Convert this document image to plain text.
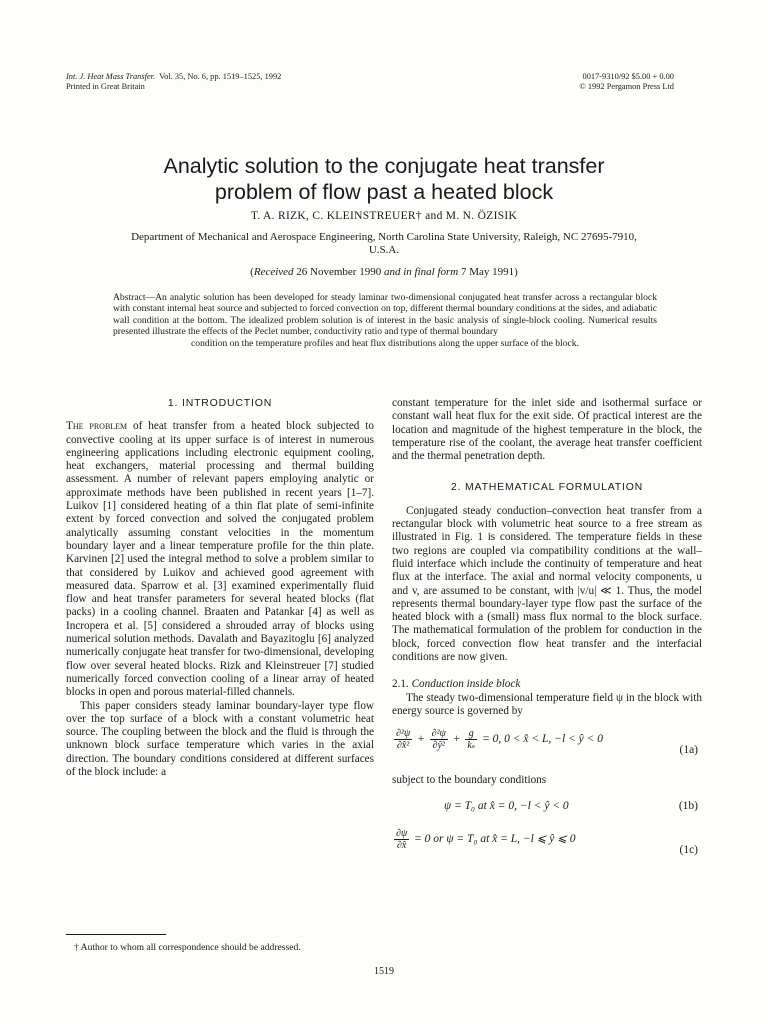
Int. J. Heat Mass Transfer. Vol. 35, No. 6, pp. 1519–1525, 1992
Printed in Great Britain
0017-9310/92 $5.00 + 0.00
© 1992 Pergamon Press Ltd
Analytic solution to the conjugate heat transfer
problem of flow past a heated block
T. A. RIZK, C. KLEINSTREUER† and M. N. ÖZISIK
Department of Mechanical and Aerospace Engineering, North Carolina State University, Raleigh, NC 27695-7910, U.S.A.
(Received 26 November 1990 and in final form 7 May 1991)
Abstract—An analytic solution has been developed for steady laminar two-dimensional conjugated heat transfer across a rectangular block with constant internal heat source and subjected to forced convection on top, different thermal boundary conditions at the sides, and adiabatic wall condition at the bottom. The idealized problem solution is of interest in the basic analysis of single-block cooling. Numerical results presented illustrate the effects of the Peclet number, conductivity ratio and type of thermal boundary
condition on the temperature profiles and heat flux distributions along the upper surface of the block.
1. INTRODUCTION

The problem of heat transfer from a heated block subjected to convective cooling at its upper surface is of interest in numerous engineering applications including electronic equipment cooling, heat exchangers, material processing and thermal building assessment. A number of relevant papers employing analytic or approximate methods have been published in recent years [1–7]. Luikov [1] considered heating of a thin flat plate of semi-infinite extent by forced convection and solved the conjugated problem analytically assuming constant velocities in the momentum boundary layer and a linear temperature profile for the thin plate. Karvinen [2] used the integral method to solve a problem similar to that considered by Luikov and achieved good agreement with measured data. Sparrow et al. [3] examined experimentally fluid flow and heat transfer parameters for several heated blocks (flat packs) in a cooling channel. Braaten and Patankar [4] as well as Incropera et al. [5] considered a shrouded array of blocks using numerical solution methods. Davalath and Bayazitoglu [6] analyzed numerically conjugate heat transfer for two-dimensional, developing flow over several heated blocks. Rizk and Kleinstreuer [7] studied numerically forced convection cooling of a linear array of heated blocks in open and porous material-filled channels.

This paper considers steady laminar boundary-layer type flow over the top surface of a block with a constant volumetric heat source. The coupling between the block and the fluid is through the unknown block surface temperature which varies in the axial direction. The boundary conditions considered at different surfaces of the block include: a

constant temperature for the inlet side and isothermal surface or constant wall heat flux for the exit side. Of practical interest are the location and magnitude of the highest temperature in the block, the temperature rise of the coolant, the average heat transfer coefficient and the thermal penetration depth.

2. MATHEMATICAL FORMULATION

Conjugated steady conduction–convection heat transfer from a rectangular block with volumetric heat source to a free stream as illustrated in Fig. 1 is considered. The temperature fields in these two regions are coupled via compatibility conditions at the wall–fluid interface which include the continuity of temperature and heat flux at the interface. The axial and normal velocity components, u and v, are assumed to be constant, with |v/u| ≪ 1. Thus, the model represents thermal boundary-layer type flow past the surface of the heated block with a (small) mass flux normal to the block surface. The mathematical formulation of the problem for conduction in the block, forced convection flow heat transfer and the interfacial conditions are now given.

2.1. Conduction inside block

The steady two-dimensional temperature field ψ in the block with energy source is governed by

$\frac{\text{∂²ψ}}{\text{∂x̂²}} + \frac{\text{∂²ψ}}{\text{∂ŷ²}} + \frac{g}{\text{kₛ}} = 0$, 0 < x̂ < L, −l < ŷ < 0
(1a)

subject to the boundary conditions

ψ = T₀ at x̂ = 0, −l < ŷ < 0	(1b)
$\frac{\partial\psi}{\partial x̂} = 0$ or ψ = T₀ at x̂ = L, −l ⩽ ŷ ⩽ 0
(1c)
† Author to whom all correspondence should be addressed.
1519
